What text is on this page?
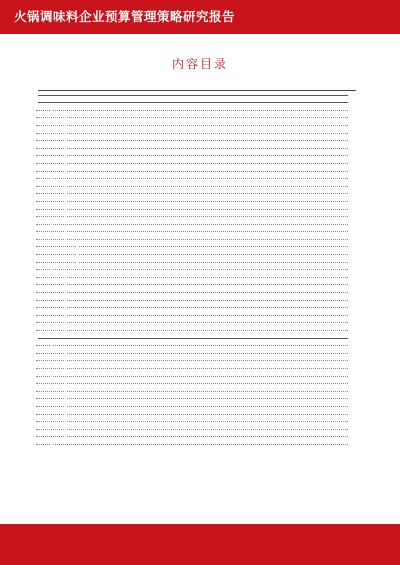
火锅调味料企业预算管理策略研究报告
内容目录
